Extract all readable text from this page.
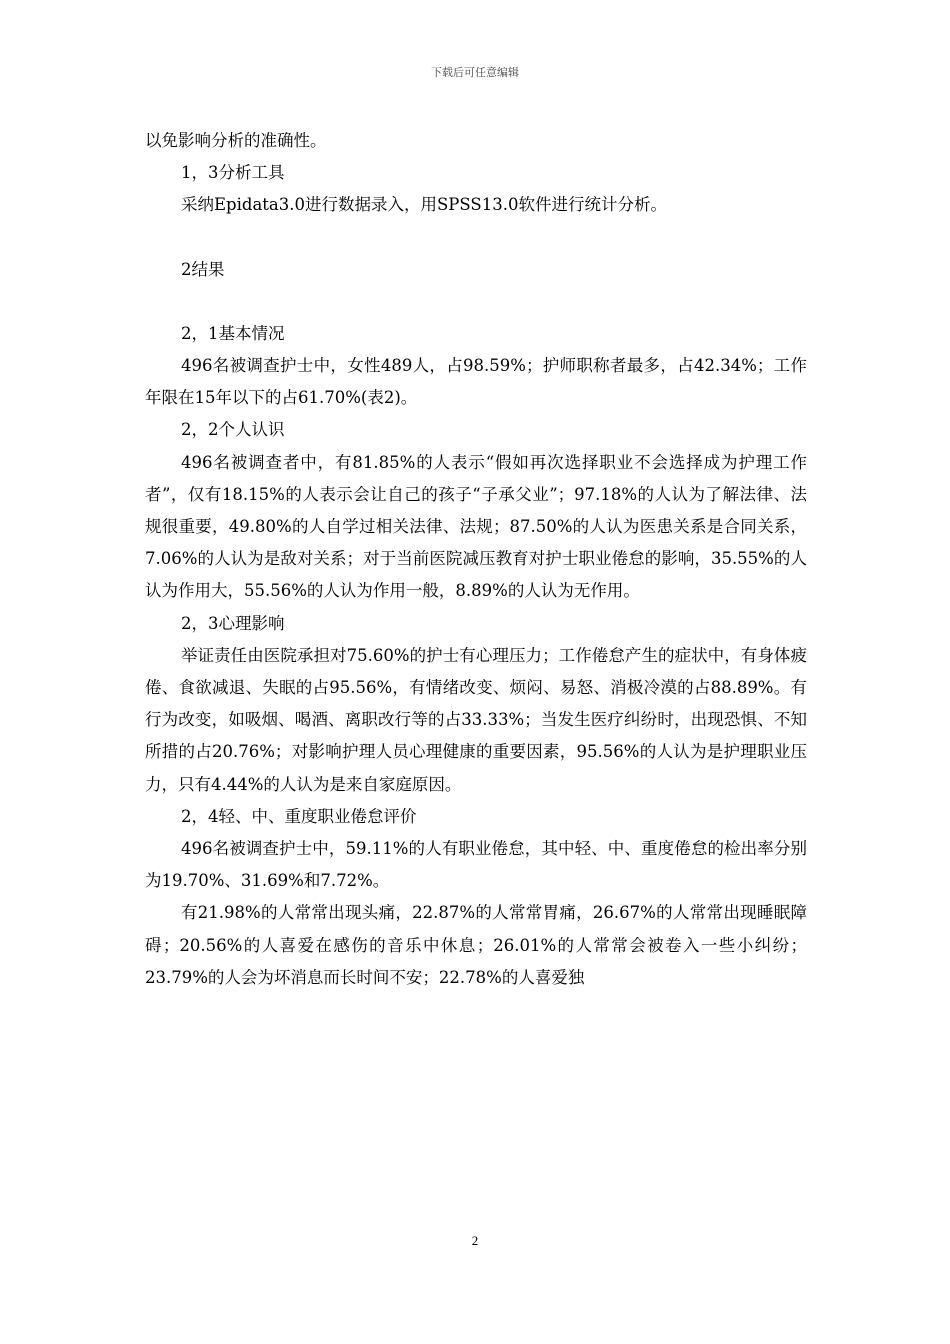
下载后可任意编辑

以免影响分析的准确性。

1，3分析工具

采纳Epidata3.0进行数据录入，用SPSS13.0软件进行统计分析。

2结果

2，1基本情况

496名被调查护士中，女性489人，占98.59%；护师职称者最多，占42.34%；工作年限在15年以下的占61.70%(表2)。

2，2个人认识

496名被调查者中，有81.85%的人表示“假如再次选择职业不会选择成为护理工作者”，仅有18.15%的人表示会让自己的孩子“子承父业”；97.18%的人认为了解法律、法规很重要，49.80%的人自学过相关法律、法规；87.50%的人认为医患关系是合同关系，7.06%的人认为是敌对关系；对于当前医院减压教育对护士职业倦怠的影响，35.55%的人认为作用大，55.56%的人认为作用一般，8.89%的人认为无作用。

2，3心理影响

举证责任由医院承担对75.60%的护士有心理压力；工作倦怠产生的症状中，有身体疲倦、食欲减退、失眠的占95.56%，有情绪改变、烦闷、易怒、消极冷漠的占88.89%。有行为改变，如吸烟、喝酒、离职改行等的占33.33%；当发生医疗纠纷时，出现恐惧、不知所措的占20.76%；对影响护理人员心理健康的重要因素，95.56%的人认为是护理职业压力，只有4.44%的人认为是来自家庭原因。

2，4轻、中、重度职业倦怠评价

496名被调查护士中，59.11%的人有职业倦怠，其中轻、中、重度倦怠的检出率分别为19.70%、31.69%和7.72%。

有21.98%的人常常出现头痛，22.87%的人常常胃痛，26.67%的人常常出现睡眠障碍；20.56%的人喜爱在感伤的音乐中休息；26.01%的人常常会被卷入一些小纠纷；23.79%的人会为坏消息而长时间不安；22.78%的人喜爱独

2
